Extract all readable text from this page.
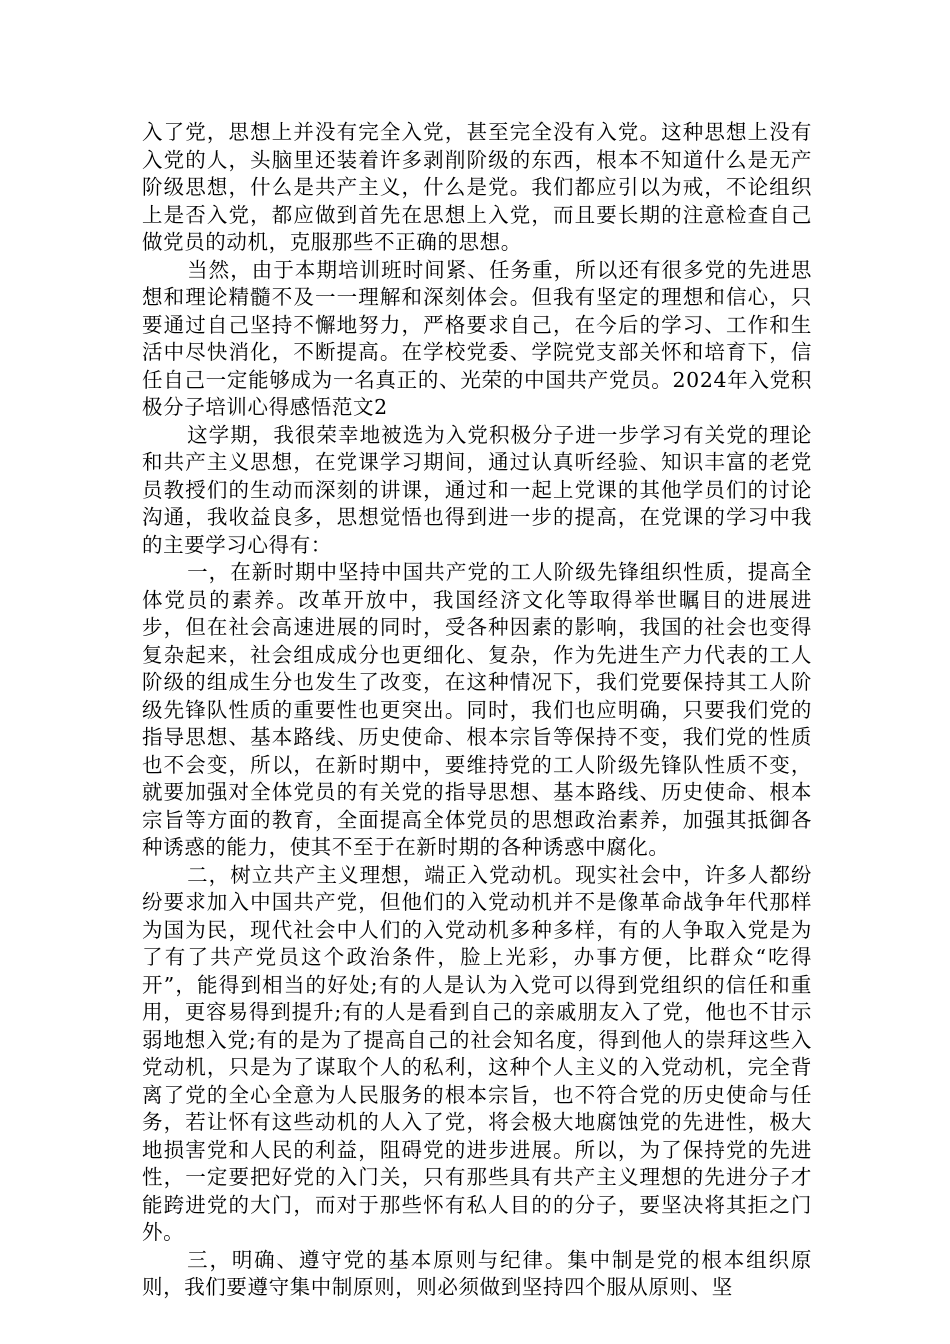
入了党，思想上并没有完全入党，甚至完全没有入党。这种思想上没有入党的人，头脑里还装着许多剥削阶级的东西，根本不知道什么是无产阶级思想，什么是共产主义，什么是党。我们都应引以为戒，不论组织上是否入党，都应做到首先在思想上入党，而且要长期的注意检查自己做党员的动机，克服那些不正确的思想。

当然，由于本期培训班时间紧、任务重，所以还有很多党的先进思想和理论精髓不及一一理解和深刻体会。但我有坚定的理想和信心，只要通过自己坚持不懈地努力，严格要求自己，在今后的学习、工作和生活中尽快消化，不断提高。在学校党委、学院党支部关怀和培育下，信任自己一定能够成为一名真正的、光荣的中国共产党员。2024年入党积极分子培训心得感悟范文2

这学期，我很荣幸地被选为入党积极分子进一步学习有关党的理论和共产主义思想，在党课学习期间，通过认真听经验、知识丰富的老党员教授们的生动而深刻的讲课，通过和一起上党课的其他学员们的讨论沟通，我收益良多，思想觉悟也得到进一步的提高，在党课的学习中我的主要学习心得有：

一，在新时期中坚持中国共产党的工人阶级先锋组织性质，提高全体党员的素养。改革开放中，我国经济文化等取得举世瞩目的进展进步，但在社会高速进展的同时，受各种因素的影响，我国的社会也变得复杂起来，社会组成成分也更细化、复杂，作为先进生产力代表的工人阶级的组成生分也发生了改变，在这种情况下，我们党要保持其工人阶级先锋队性质的重要性也更突出。同时，我们也应明确，只要我们党的指导思想、基本路线、历史使命、根本宗旨等保持不变，我们党的性质也不会变，所以，在新时期中，要维持党的工人阶级先锋队性质不变，就要加强对全体党员的有关党的指导思想、基本路线、历史使命、根本宗旨等方面的教育，全面提高全体党员的思想政治素养，加强其抵御各种诱惑的能力，使其不至于在新时期的各种诱惑中腐化。

二，树立共产主义理想，端正入党动机。现实社会中，许多人都纷纷要求加入中国共产党，但他们的入党动机并不是像革命战争年代那样为国为民，现代社会中人们的入党动机多种多样，有的人争取入党是为了有了共产党员这个政治条件，脸上光彩，办事方便，比群众“吃得开”，能得到相当的好处;有的人是认为入党可以得到党组织的信任和重用，更容易得到提升;有的人是看到自己的亲戚朋友入了党，他也不甘示弱地想入党;有的是为了提高自己的社会知名度，得到他人的崇拜这些入党动机，只是为了谋取个人的私利，这种个人主义的入党动机，完全背离了党的全心全意为人民服务的根本宗旨，也不符合党的历史使命与任务，若让怀有这些动机的人入了党，将会极大地腐蚀党的先进性，极大地损害党和人民的利益，阻碍党的进步进展。所以，为了保持党的先进性，一定要把好党的入门关，只有那些具有共产主义理想的先进分子才能跨进党的大门，而对于那些怀有私人目的的分子，要坚决将其拒之门外。

三，明确、遵守党的基本原则与纪律。集中制是党的根本组织原则，我们要遵守集中制原则，则必须做到坚持四个服从原则、坚
